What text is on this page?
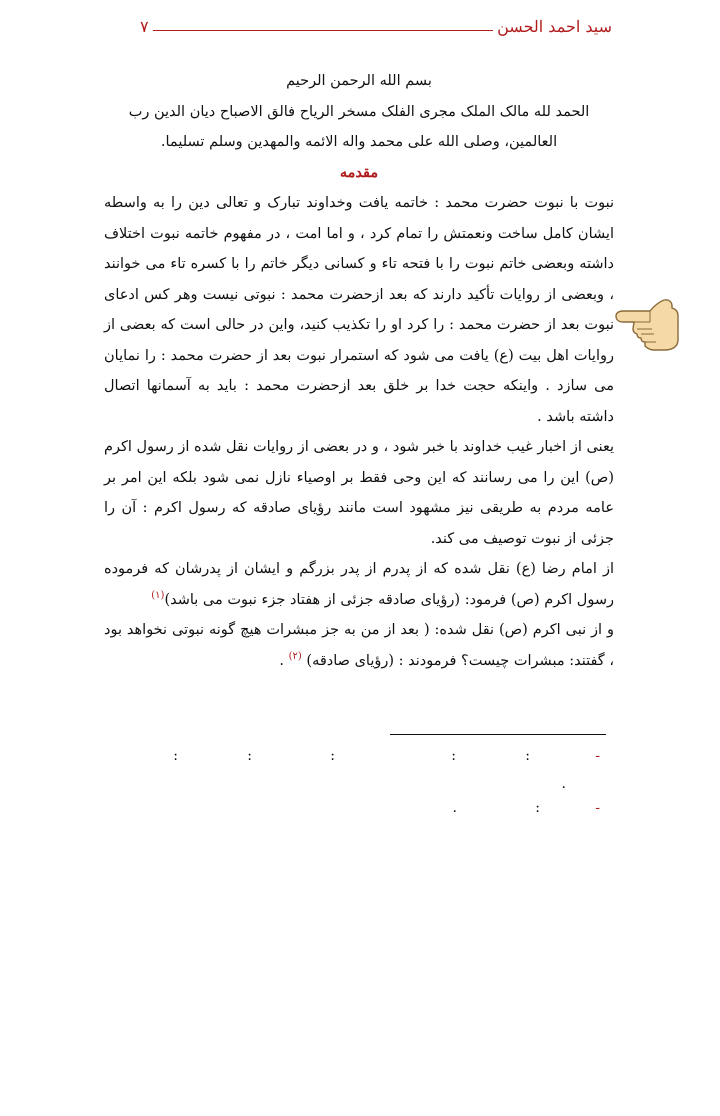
سید احمد الحسن
۷

بسم الله الرحمن الرحیم

الحمد لله مالک الملک مجری الفلک مسخر الریاح فالق الاصباح دیان الدین رب العالمین، وصلی الله علی محمد واله الائمه والمهدین وسلم تسلیما.

مقدمه

نبوت با نبوت حضرت محمد : خاتمه یافت وخداوند تبارک و تعالی دین را به واسطه ایشان کامل ساخت ونعمتش را تمام کرد ، و اما امت ، در مفهوم خاتمه نبوت اختلاف داشته وبعضی خاتم نبوت را با فتحه تاء و کسانی دیگر خاتم را با کسره تاء می خوانند ، وبعضی از روایات تأکید دارند که بعد ازحضرت محمد : نبوتی نیست وهر کس ادعای نبوت بعد از حضرت محمد : را کرد او را تکذیب کنید، واین در حالی است که بعضی از روایات اهل بیت (ع) یافت می شود که استمرار نبوت بعد از حضرت محمد : را نمایان می سازد . واینکه حجت خدا بر خلق بعد ازحضرت محمد : باید به آسمانها اتصال داشته باشد .

یعنی از اخبار غیب خداوند با خبر شود ، و در بعضی از روایات نقل شده از رسول اکرم (ص) این را می رسانند که این وحی فقط بر اوصیاء نازل نمی شود بلکه این امر بر عامه مردم به طریقی نیز مشهود است مانند رؤیای صادقه که رسول اکرم : آن را جزئی از نبوت توصیف می کند.

از امام رضا (ع) نقل شده که از پدرم از پدر بزرگم و ایشان از پدرشان که فرموده رسول اکرم (ص) فرمود: (رؤیای صادقه جزئی از هفتاد جزء نبوت می باشد)$^{(۱)}$

و از نبی اکرم (ص) نقل شده: ( بعد از من به جز مبشرات هیچ گونه نبوتی نخواهد بود ، گفتند: مبشرات چیست؟ فرمودند : (رؤیای صادقه) $^{(۲)}$ .

-
:
:
:
:
:
.
-
:
.
